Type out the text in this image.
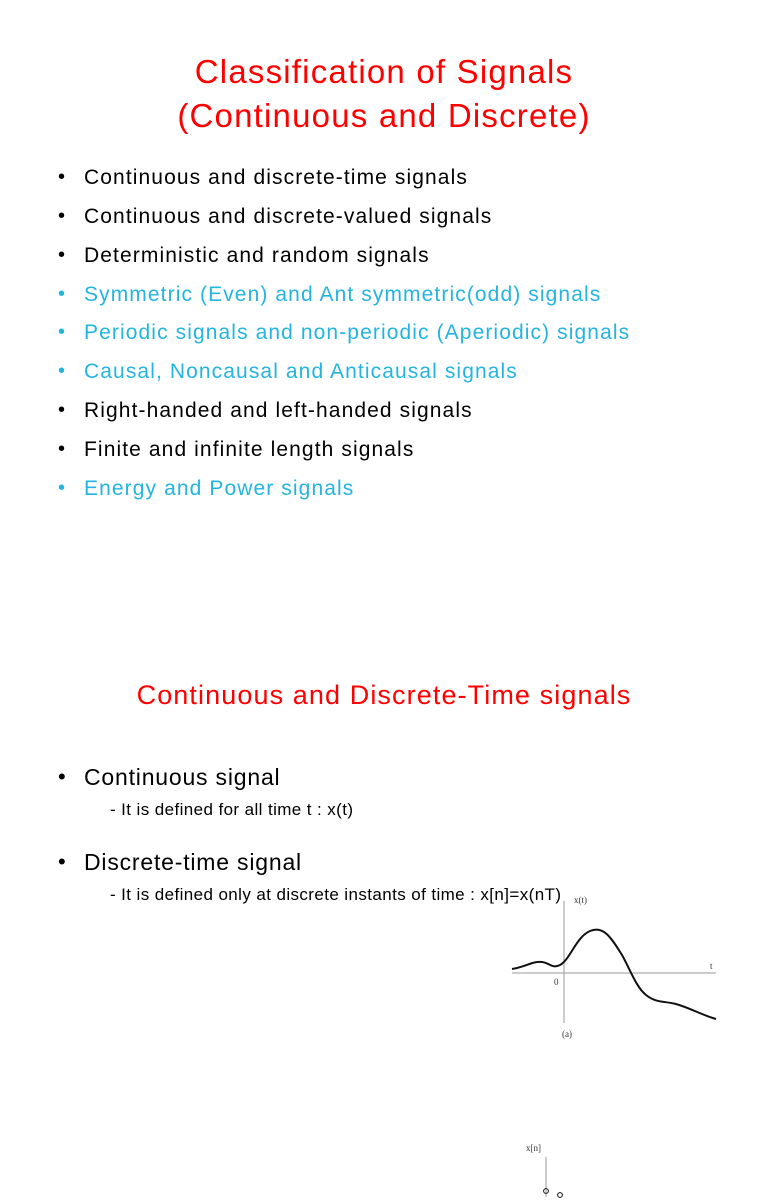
Classification of Signals
(Continuous and Discrete)
• Continuous and discrete-time signals
• Continuous and discrete-valued signals
• Deterministic and random signals
• Symmetric (Even) and Ant symmetric(odd) signals
• Periodic signals and non-periodic (Aperiodic) signals
• Causal, Noncausal and Anticausal signals
• Right-handed and left-handed signals
• Finite and infinite length signals
• Energy and Power signals
Continuous and Discrete-Time signals
• Continuous signal
- It is defined for all time t : x(t)
• Discrete-time signal
- It is defined only at discrete instants of time : x[n]=x(nT)	x(t)
t
0
(a)
x[n]
